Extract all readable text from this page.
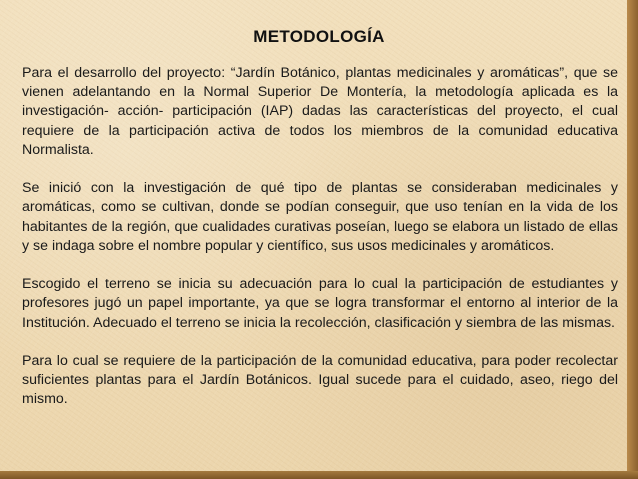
METODOLOGÍA

Para el desarrollo del proyecto: “Jardín Botánico, plantas medicinales y aromáticas”, que se vienen adelantando en la Normal Superior De Montería, la metodología aplicada es la investigación- acción- participación (IAP) dadas las características del proyecto, el cual requiere de la participación activa de todos los miembros de la comunidad educativa Normalista.

Se inició con la investigación de qué tipo de plantas se consideraban medicinales y aromáticas, como se cultivan, donde se podían conseguir, que uso tenían en la vida de los habitantes de la región, que cualidades curativas poseían, luego se elabora un listado de ellas y se indaga sobre el nombre popular y científico, sus usos medicinales y aromáticos.

Escogido el terreno se inicia su adecuación para lo cual la participación de estudiantes y profesores jugó un papel importante, ya que se logra transformar el entorno al interior de la Institución. Adecuado el terreno se inicia la recolección, clasificación y siembra de las mismas.

Para lo cual se requiere de la participación de la comunidad educativa, para poder recolectar suficientes plantas para el Jardín Botánicos. Igual sucede para el cuidado, aseo, riego del mismo.
